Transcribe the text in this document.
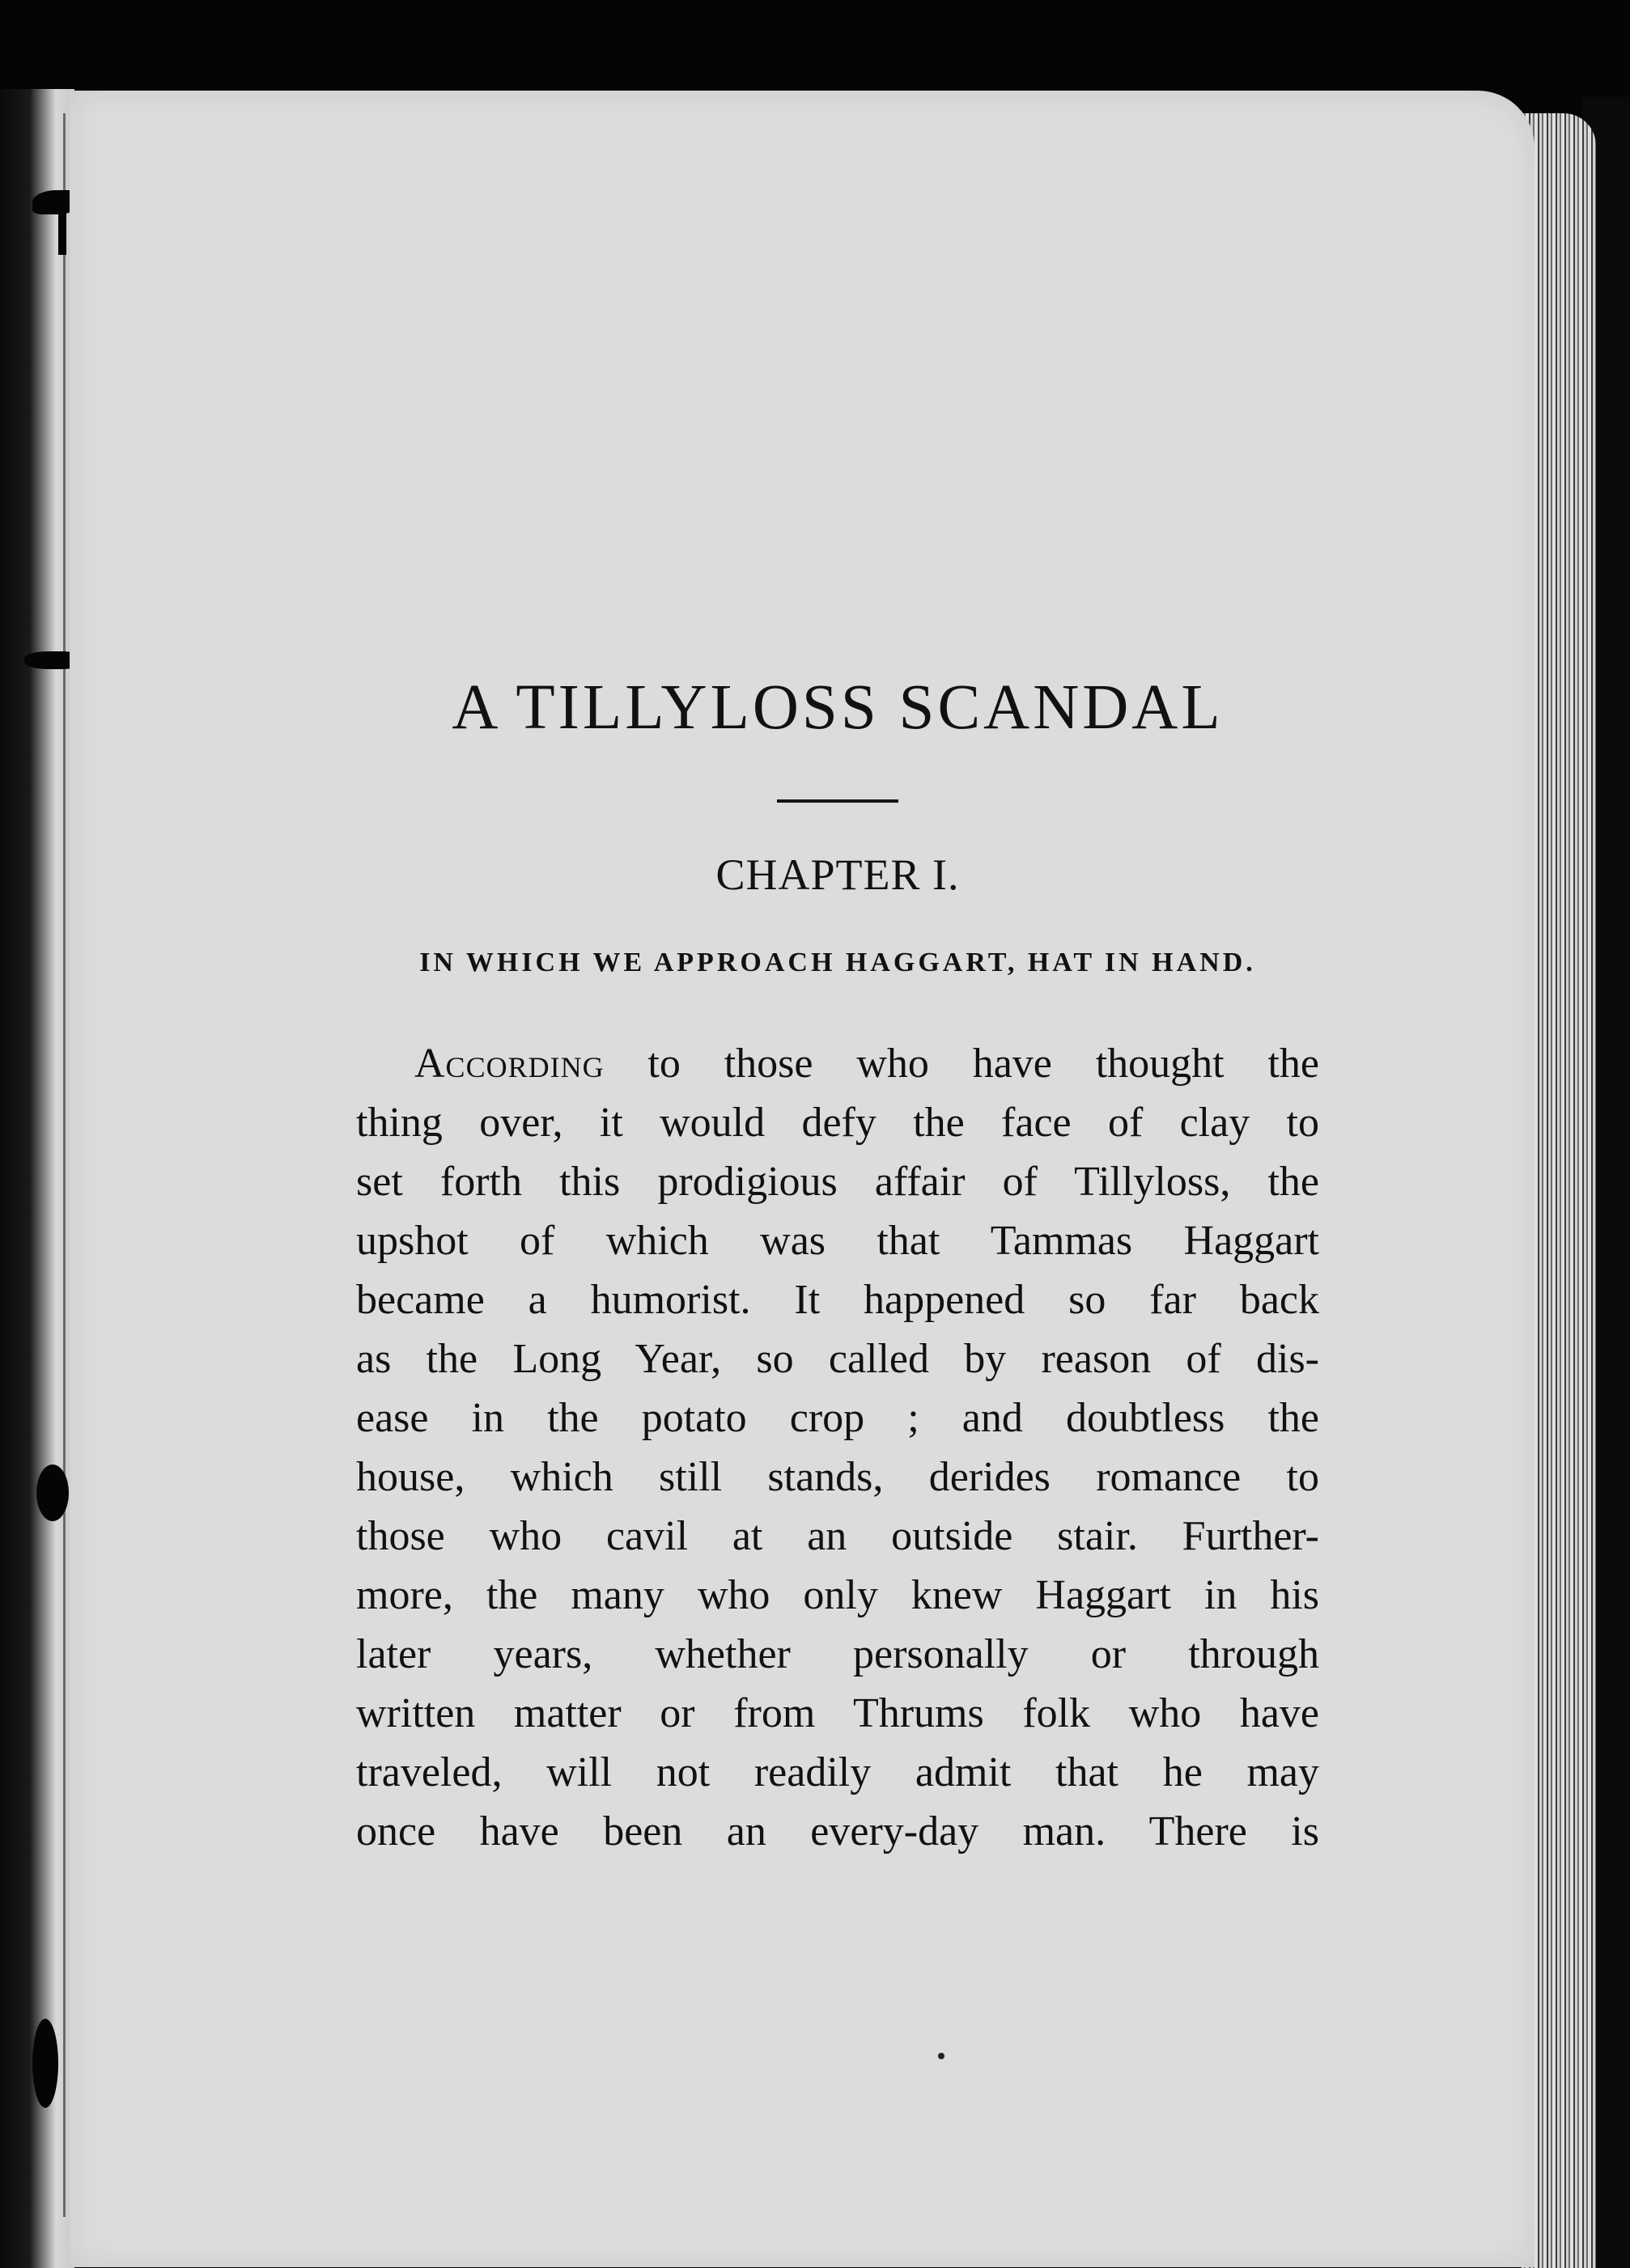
A TILLYLOSS SCANDAL
CHAPTER I.
IN WHICH WE APPROACH HAGGART, HAT IN HAND.
According to those who have thought the
thing over, it would defy the face of clay to
set forth this prodigious affair of Tillyloss, the
upshot of which was that Tammas Haggart
became a humorist. It happened so far back
as the Long Year, so called by reason of dis-
ease in the potato crop ; and doubtless the
house, which still stands, derides romance to
those who cavil at an outside stair. Further-
more, the many who only knew Haggart in his
later years, whether personally or through
written matter or from Thrums folk who have
traveled, will not readily admit that he may
once have been an every-day man. There is
